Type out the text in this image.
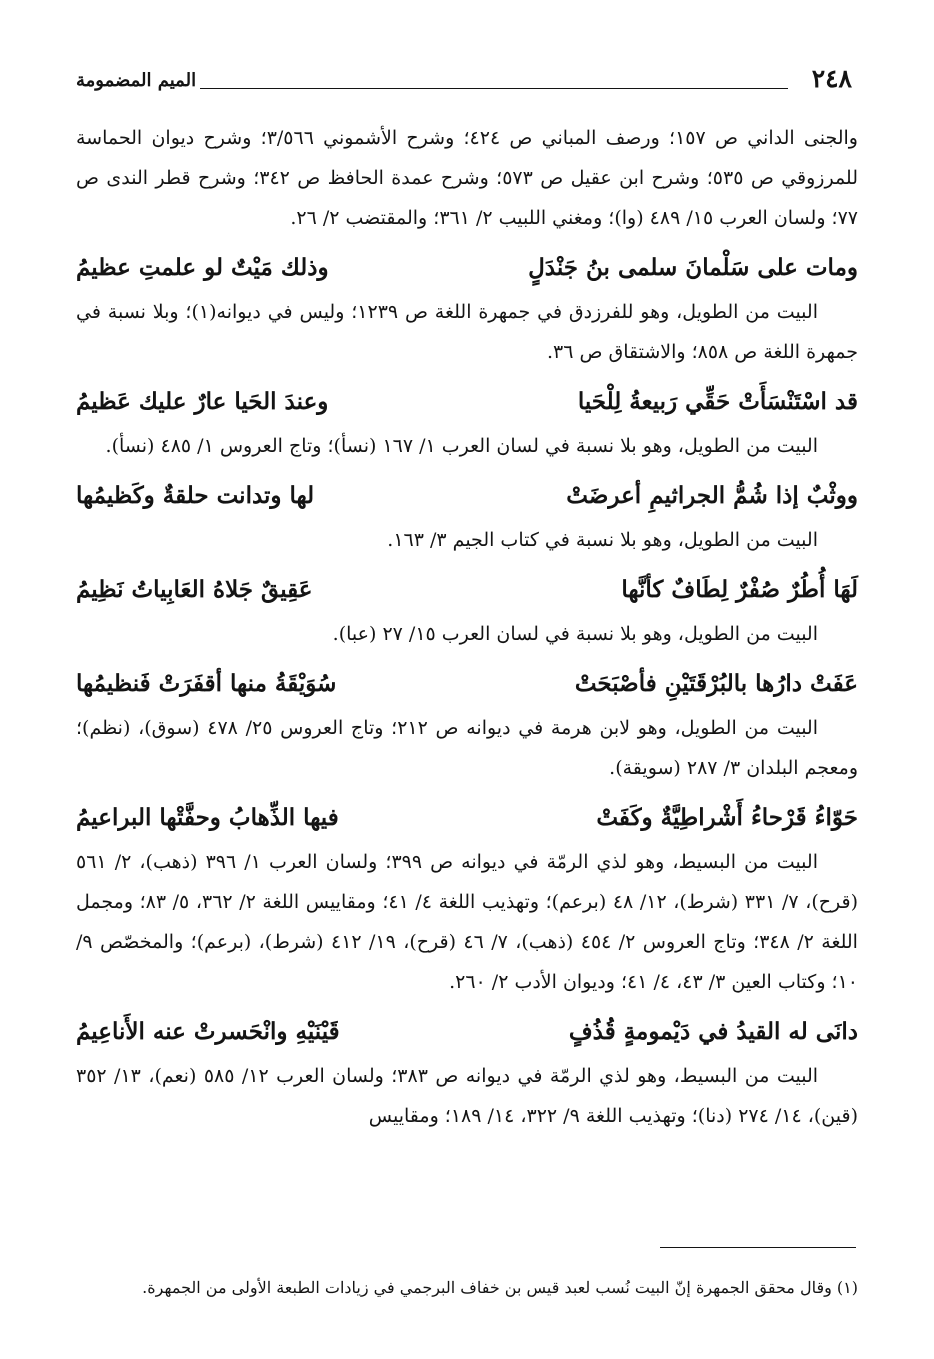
٢٤٨
الميم المضمومة

والجنى الداني ص ١٥٧؛ ورصف المباني ص ٤٢٤؛ وشرح الأشموني ٣/٥٦٦؛ وشرح ديوان الحماسة للمرزوقي ص ٥٣٥؛ وشرح ابن عقيل ص ٥٧٣؛ وشرح عمدة الحافظ ص ٣٤٢؛ وشرح قطر الندى ص ٧٧؛ ولسان العرب ١٥/ ٤٨٩ (وا)؛ ومغني اللبيب ٢/ ٣٦١؛ والمقتضب ٢/ ٢٦.

ومات على سَلْمانَ سلمى بنُ جَنْدَلٍ
وذلك مَيْتٌ لو علمتِ عظيمُ

البيت من الطويل، وهو للفرزدق في جمهرة اللغة ص ١٢٣٩؛ وليس في ديوانه(١)؛ وبلا نسبة في جمهرة اللغة ص ٨٥٨؛ والاشتقاق ص ٣٦.

قد اسْتَنْسَأَتْ حَقِّي رَبيعةُ لِلْحَيا
وعندَ الحَيا عارٌ عليك عَظيمُ

البيت من الطويل، وهو بلا نسبة في لسان العرب ١/ ١٦٧ (نسأ)؛ وتاج العروس ١/ ٤٨٥ (نسأ).

ووثْبٌ إذا شُمُّ الجراثيمِ أعرضَتْ
لها وتدانت حلقةٌ وكَظيمُها

البيت من الطويل، وهو بلا نسبة في كتاب الجيم ٣/ ١٦٣.

لَهَا أُطُرٌ صُفْرٌ لِطَافٌ كأنَّها
عَقِيقٌ جَلاهُ العَابِياتُ نَظِيمُ

البيت من الطويل، وهو بلا نسبة في لسان العرب ١٥/ ٢٧ (عبا).

عَفَتْ دارُها بالبُرْقَتَيْنِ فأصْبَحَتْ
سُوَيْقَةُ منها أقفَرَتْ فَنظيمُها

البيت من الطويل، وهو لابن هرمة في ديوانه ص ٢١٢؛ وتاج العروس ٢٥/ ٤٧٨ (سوق)، (نظم)؛ ومعجم البلدان ٣/ ٢٨٧ (سويقة).

حَوّاءُ قَرْحاءُ أَشْراطِيَّةٌ وكَفَتْ
فيها الذِّهابُ وحفَّتْها البراعيمُ

البيت من البسيط، وهو لذي الرمّة في ديوانه ص ٣٩٩؛ ولسان العرب ١/ ٣٩٦ (ذهب)، ٢/ ٥٦١ (قرح)، ٧/ ٣٣١ (شرط)، ١٢/ ٤٨ (برعم)؛ وتهذيب اللغة ٤/ ٤١؛ ومقاييس اللغة ٢/ ٣٦٢، ٥/ ٨٣؛ ومجمل اللغة ٢/ ٣٤٨؛ وتاج العروس ٢/ ٤٥٤ (ذهب)، ٧/ ٤٦ (قرح)، ١٩/ ٤١٢ (شرط)، (برعم)؛ والمخصّص ٩/ ١٠؛ وكتاب العين ٣/ ٤٣، ٤/ ٤١؛ وديوان الأدب ٢/ ٢٦٠.

دانَى له القيدُ في دَيْمومةٍ قُذُفٍ
قَيْنَيْهِ وانْحَسرتْ عنه الأَناعِيمُ

البيت من البسيط، وهو لذي الرمّة في ديوانه ص ٣٨٣؛ ولسان العرب ١٢/ ٥٨٥ (نعم)، ١٣/ ٣٥٢ (قين)، ١٤/ ٢٧٤ (دنا)؛ وتهذيب اللغة ٩/ ٣٢٢، ١٤/ ١٨٩؛ ومقاييس

(١) وقال محقق الجمهرة إنّ البيت نُسب لعبد قيس بن خفاف البرجمي في زيادات الطبعة الأولى من الجمهرة.
